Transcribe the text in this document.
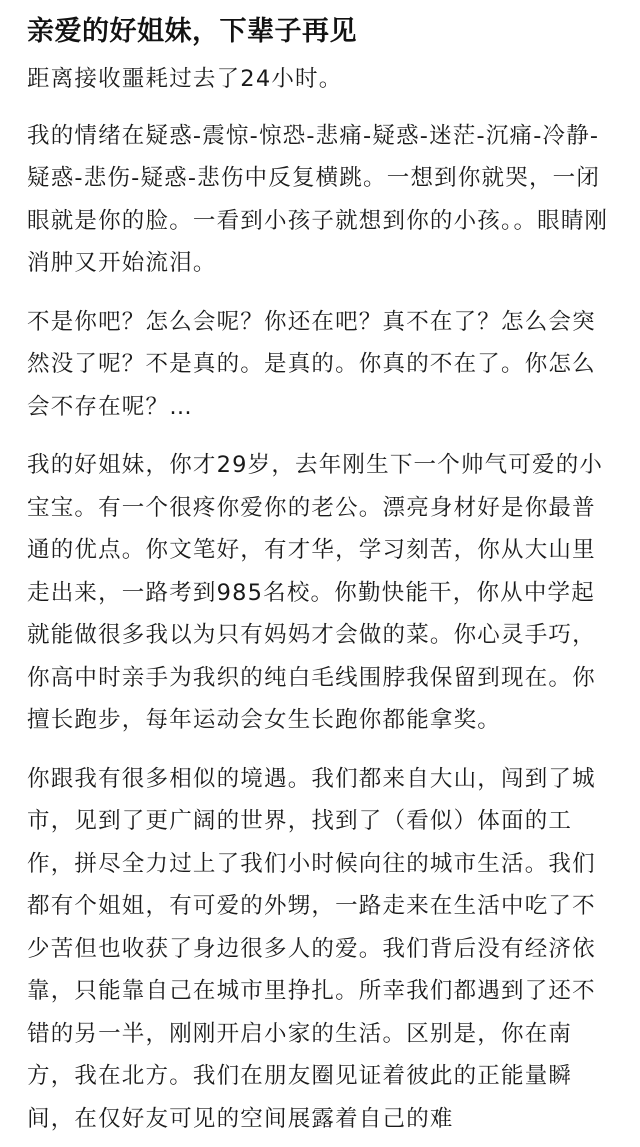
亲爱的好姐妹，下辈子再见

距离接收噩耗过去了24小时。

我的情绪在疑惑-震惊-惊恐-悲痛-疑惑-迷茫-沉痛-冷静-疑惑-悲伤-疑惑-悲伤中反复横跳。一想到你就哭，一闭眼就是你的脸。一看到小孩子就想到你的小孩。。眼睛刚消肿又开始流泪。

不是你吧？怎么会呢？你还在吧？真不在了？怎么会突然没了呢？不是真的。是真的。你真的不在了。你怎么会不存在呢？…

我的好姐妹，你才29岁，去年刚生下一个帅气可爱的小宝宝。有一个很疼你爱你的老公。漂亮身材好是你最普通的优点。你文笔好，有才华，学习刻苦，你从大山里走出来，一路考到985名校。你勤快能干，你从中学起就能做很多我以为只有妈妈才会做的菜。你心灵手巧，你高中时亲手为我织的纯白毛线围脖我保留到现在。你擅长跑步，每年运动会女生长跑你都能拿奖。

你跟我有很多相似的境遇。我们都来自大山，闯到了城市，见到了更广阔的世界，找到了（看似）体面的工作，拼尽全力过上了我们小时候向往的城市生活。我们都有个姐姐，有可爱的外甥，一路走来在生活中吃了不少苦但也收获了身边很多人的爱。我们背后没有经济依靠，只能靠自己在城市里挣扎。所幸我们都遇到了还不错的另一半，刚刚开启小家的生活。区别是，你在南方，我在北方。我们在朋友圈见证着彼此的正能量瞬间，在仅好友可见的空间展露着自己的难
